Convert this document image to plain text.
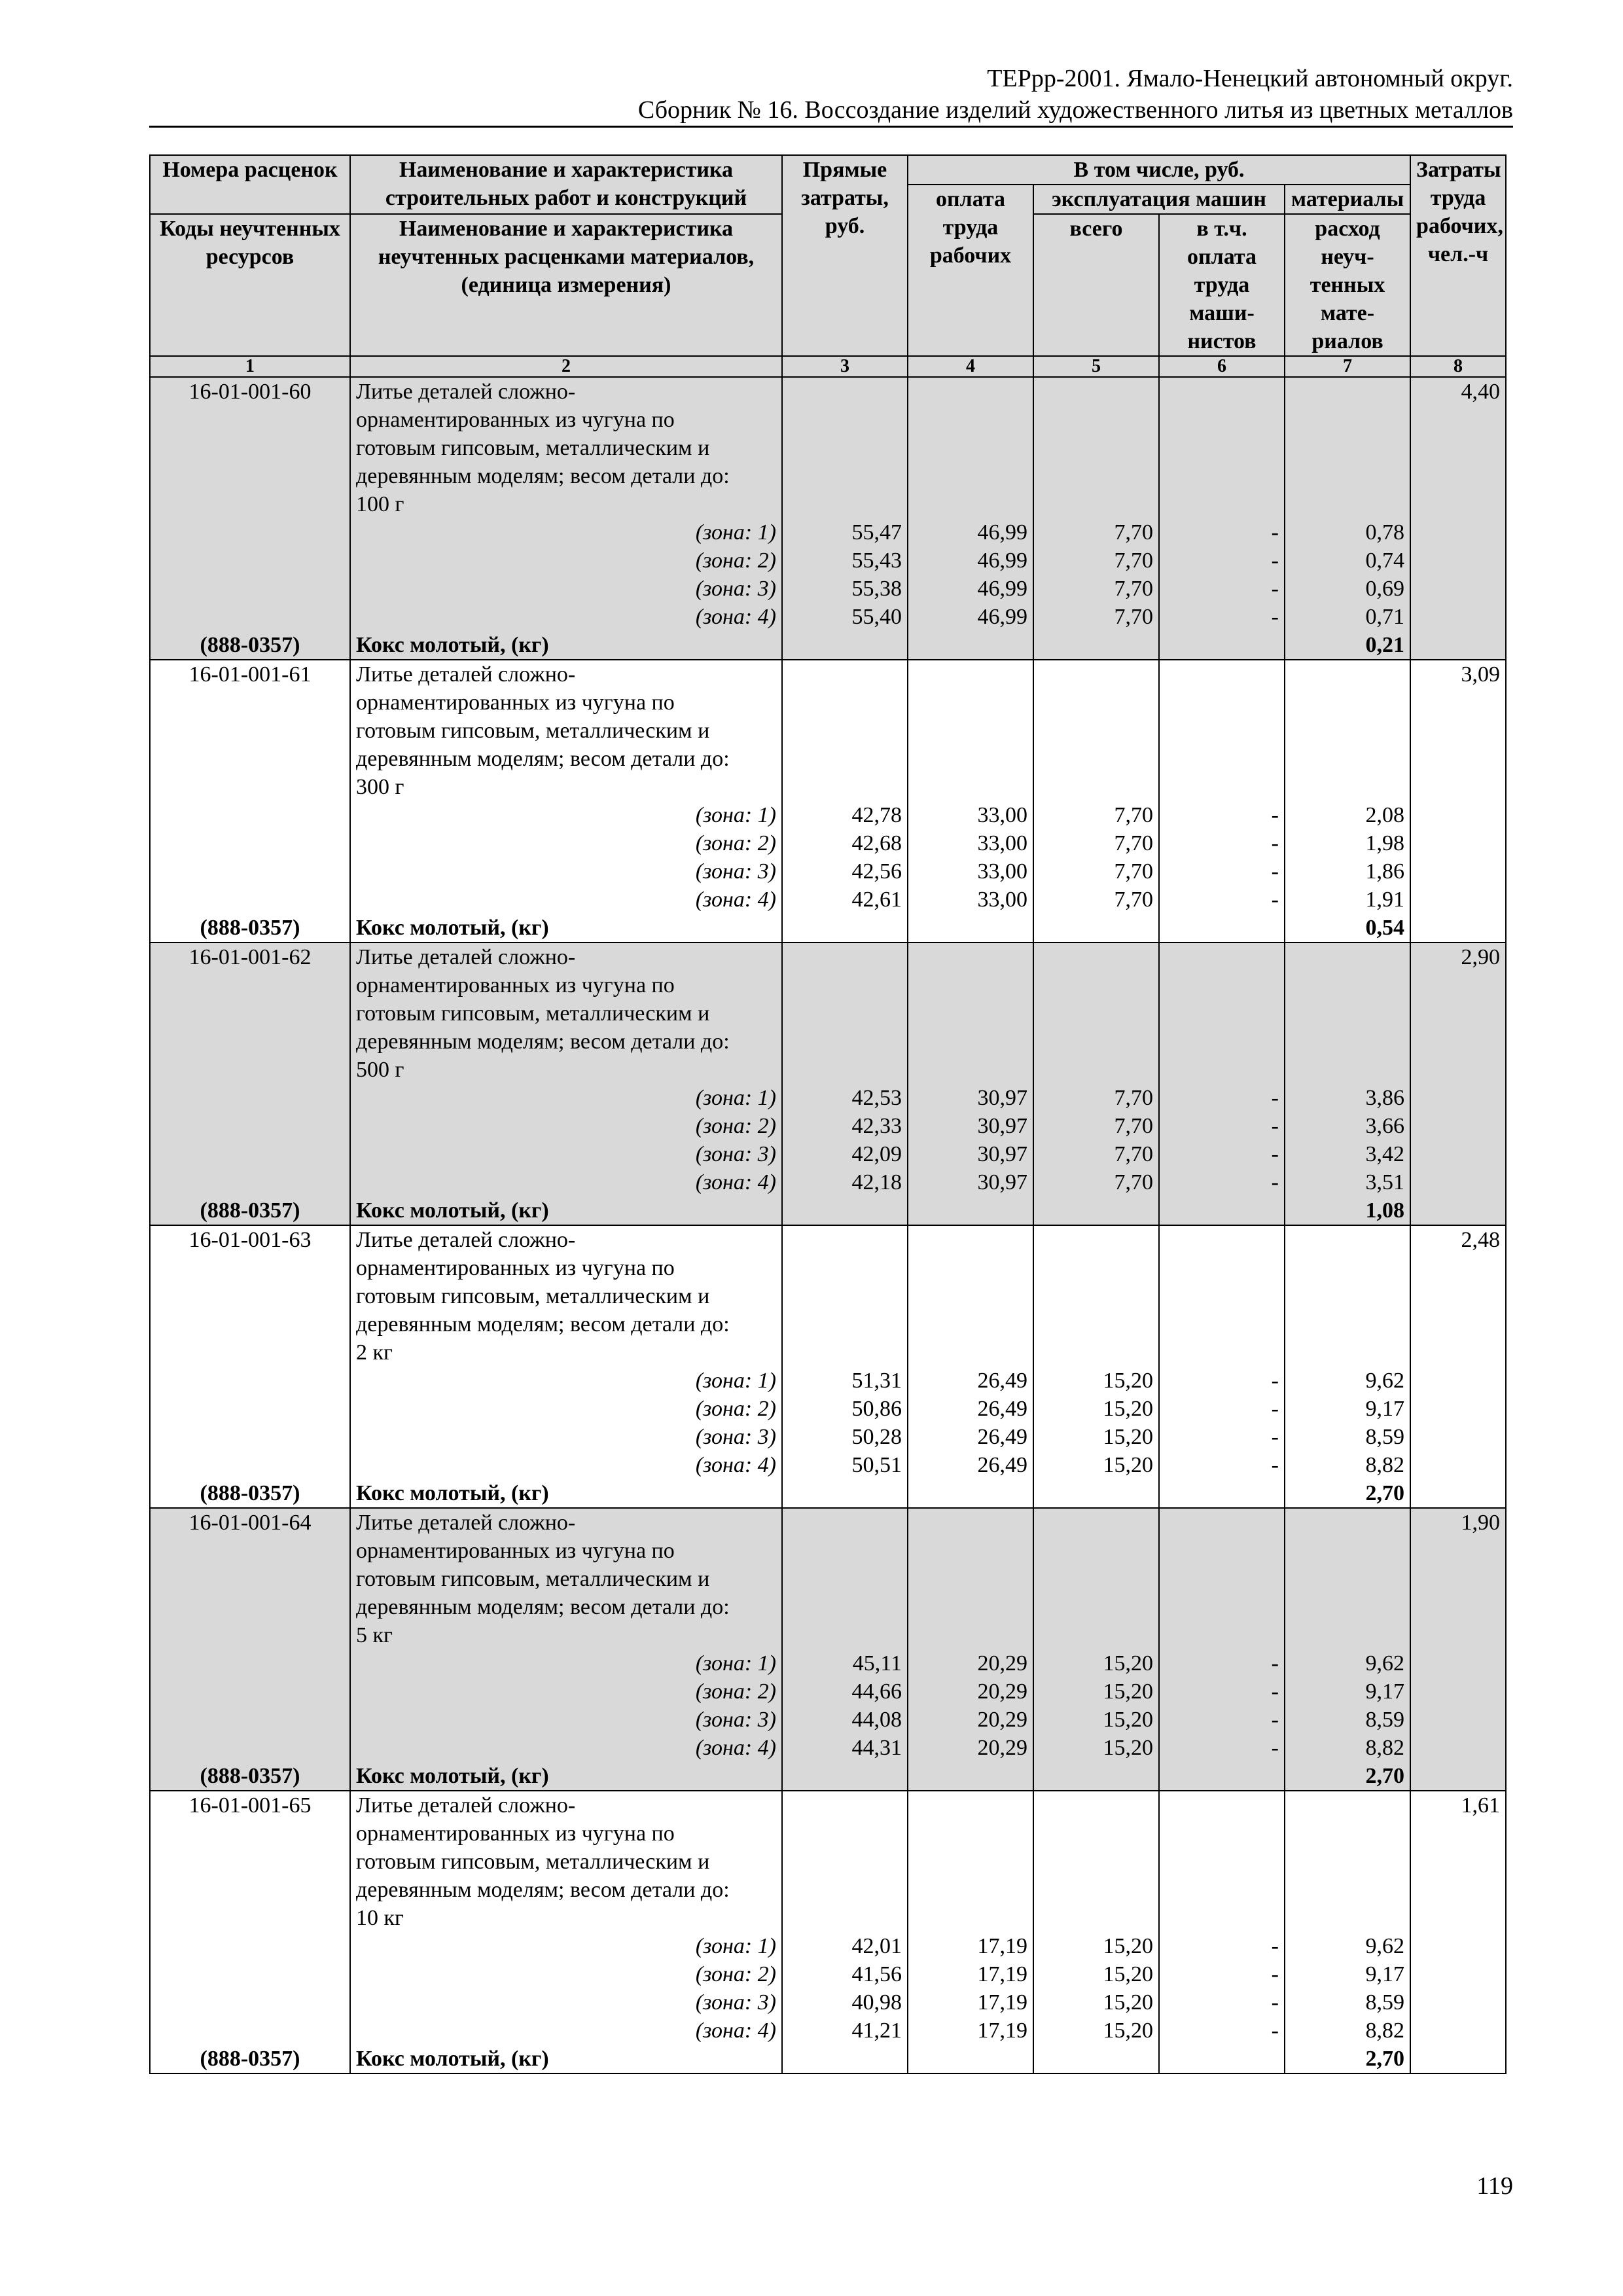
ТЕРрр-2001. Ямало-Ненецкий автономный округ.
Сборник № 16. Воссоздание изделий художественного литья из цветных металлов
Номера расценок	Наименование и характеристика строительных работ и конструкций	Прямые затраты, руб.	В том числе, руб.				Затраты труда рабочих, чел.-ч
			оплата труда рабочих	эксплуатация машин		материалы	
Коды неучтенных ресурсов	Наименование и характеристика неучтенных расценками материалов, (единица измерения)			всего	в т.ч. оплата труда маши- нистов	расход неуч- тенных мате- риалов	

1	2	3	4	5	6	7	8
16-01-001-60	Литье деталей сложно-						4,40
	орнаментированных из чугуна по						
	готовым гипсовым, металлическим и						
	деревянным моделям; весом детали до:						
	100 г						
	(зона: 1)	55,47	46,99	7,70	-	0,78	
	(зона: 2)	55,43	46,99	7,70	-	0,74	
	(зона: 3)	55,38	46,99	7,70	-	0,69	
	(зона: 4)	55,40	46,99	7,70	-	0,71	
(888-0357)	Кокс молотый, (кг)					0,21	
16-01-001-61	Литье деталей сложно-						3,09
	орнаментированных из чугуна по						
	готовым гипсовым, металлическим и						
	деревянным моделям; весом детали до:						
	300 г						
	(зона: 1)	42,78	33,00	7,70	-	2,08	
	(зона: 2)	42,68	33,00	7,70	-	1,98	
	(зона: 3)	42,56	33,00	7,70	-	1,86	
	(зона: 4)	42,61	33,00	7,70	-	1,91	
(888-0357)	Кокс молотый, (кг)					0,54	
16-01-001-62	Литье деталей сложно-						2,90
	орнаментированных из чугуна по						
	готовым гипсовым, металлическим и						
	деревянным моделям; весом детали до:						
	500 г						
	(зона: 1)	42,53	30,97	7,70	-	3,86	
	(зона: 2)	42,33	30,97	7,70	-	3,66	
	(зона: 3)	42,09	30,97	7,70	-	3,42	
	(зона: 4)	42,18	30,97	7,70	-	3,51	
(888-0357)	Кокс молотый, (кг)					1,08	
16-01-001-63	Литье деталей сложно-						2,48
	орнаментированных из чугуна по						
	готовым гипсовым, металлическим и						
	деревянным моделям; весом детали до:						
	2 кг						
	(зона: 1)	51,31	26,49	15,20	-	9,62	
	(зона: 2)	50,86	26,49	15,20	-	9,17	
	(зона: 3)	50,28	26,49	15,20	-	8,59	
	(зона: 4)	50,51	26,49	15,20	-	8,82	
(888-0357)	Кокс молотый, (кг)					2,70	
16-01-001-64	Литье деталей сложно-						1,90
	орнаментированных из чугуна по						
	готовым гипсовым, металлическим и						
	деревянным моделям; весом детали до:						
	5 кг						
	(зона: 1)	45,11	20,29	15,20	-	9,62	
	(зона: 2)	44,66	20,29	15,20	-	9,17	
	(зона: 3)	44,08	20,29	15,20	-	8,59	
	(зона: 4)	44,31	20,29	15,20	-	8,82	
(888-0357)	Кокс молотый, (кг)					2,70	
16-01-001-65	Литье деталей сложно-						1,61
	орнаментированных из чугуна по						
	готовым гипсовым, металлическим и						
	деревянным моделям; весом детали до:						
	10 кг						
	(зона: 1)	42,01	17,19	15,20	-	9,62	
	(зона: 2)	41,56	17,19	15,20	-	9,17	
	(зона: 3)	40,98	17,19	15,20	-	8,59	
	(зона: 4)	41,21	17,19	15,20	-	8,82	
(888-0357)	Кокс молотый, (кг)					2,70	
119
